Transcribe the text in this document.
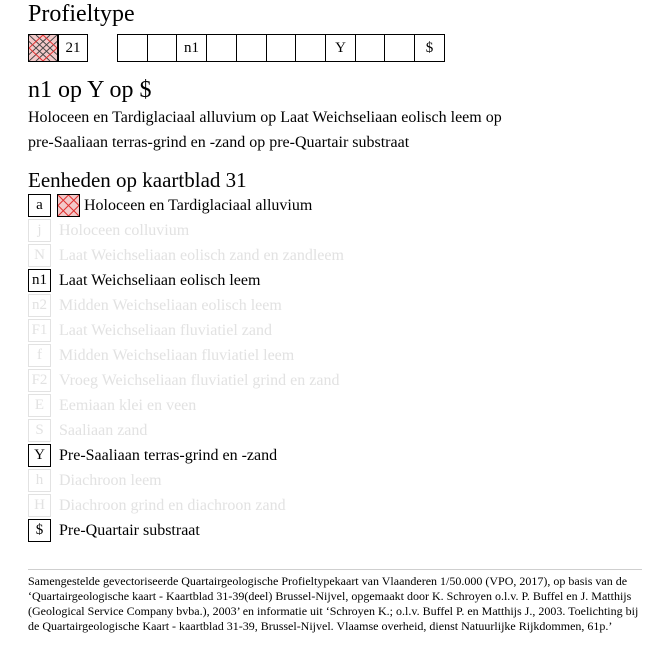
Profieltype
21	n1	Y	$
n1 op Y op $
Holoceen en Tardiglaciaal alluvium op Laat Weichseliaan eolisch leem op
pre-Saaliaan terras-grind en -zand op pre-Quartair substraat
Eenheden op kaartblad 31
a	Holoceen en Tardiglaciaal alluvium
j	Holoceen colluvium
N Laat Weichseliaan eolisch zand en zandleem
n1 Laat Weichseliaan eolisch leem
n2 Midden Weichseliaan eolisch leem
F1 Laat Weichseliaan fluviatiel zand
f	Midden Weichseliaan fluviatiel leem
F2 Vroeg Weichseliaan fluviatiel grind en zand
E Eemiaan klei en veen
S Saaliaan zand
Y Pre-Saaliaan terras-grind en -zand
h Diachroon leem
H Diachroon grind en diachroon zand
$ Pre-Quartair substraat
Samengestelde gevectoriseerde Quartairgeologische Profieltypekaart van Vlaanderen 1/50.000 (VPO, 2017), op basis van de ‘Quartairgeologische kaart - Kaartblad 31-39(deel) Brussel-Nijvel, opgemaakt door K. Schroyen o.l.v. P. Buffel en J. Matthijs (Geological Service Company bvba.), 2003’ en informatie uit ‘Schroyen K.; o.l.v. Buffel P. en Matthijs J., 2003. Toelichting bij de Quartairgeologische Kaart - kaartblad 31-39, Brussel-Nijvel. Vlaamse overheid, dienst Natuurlijke Rijkdommen, 61p.’
